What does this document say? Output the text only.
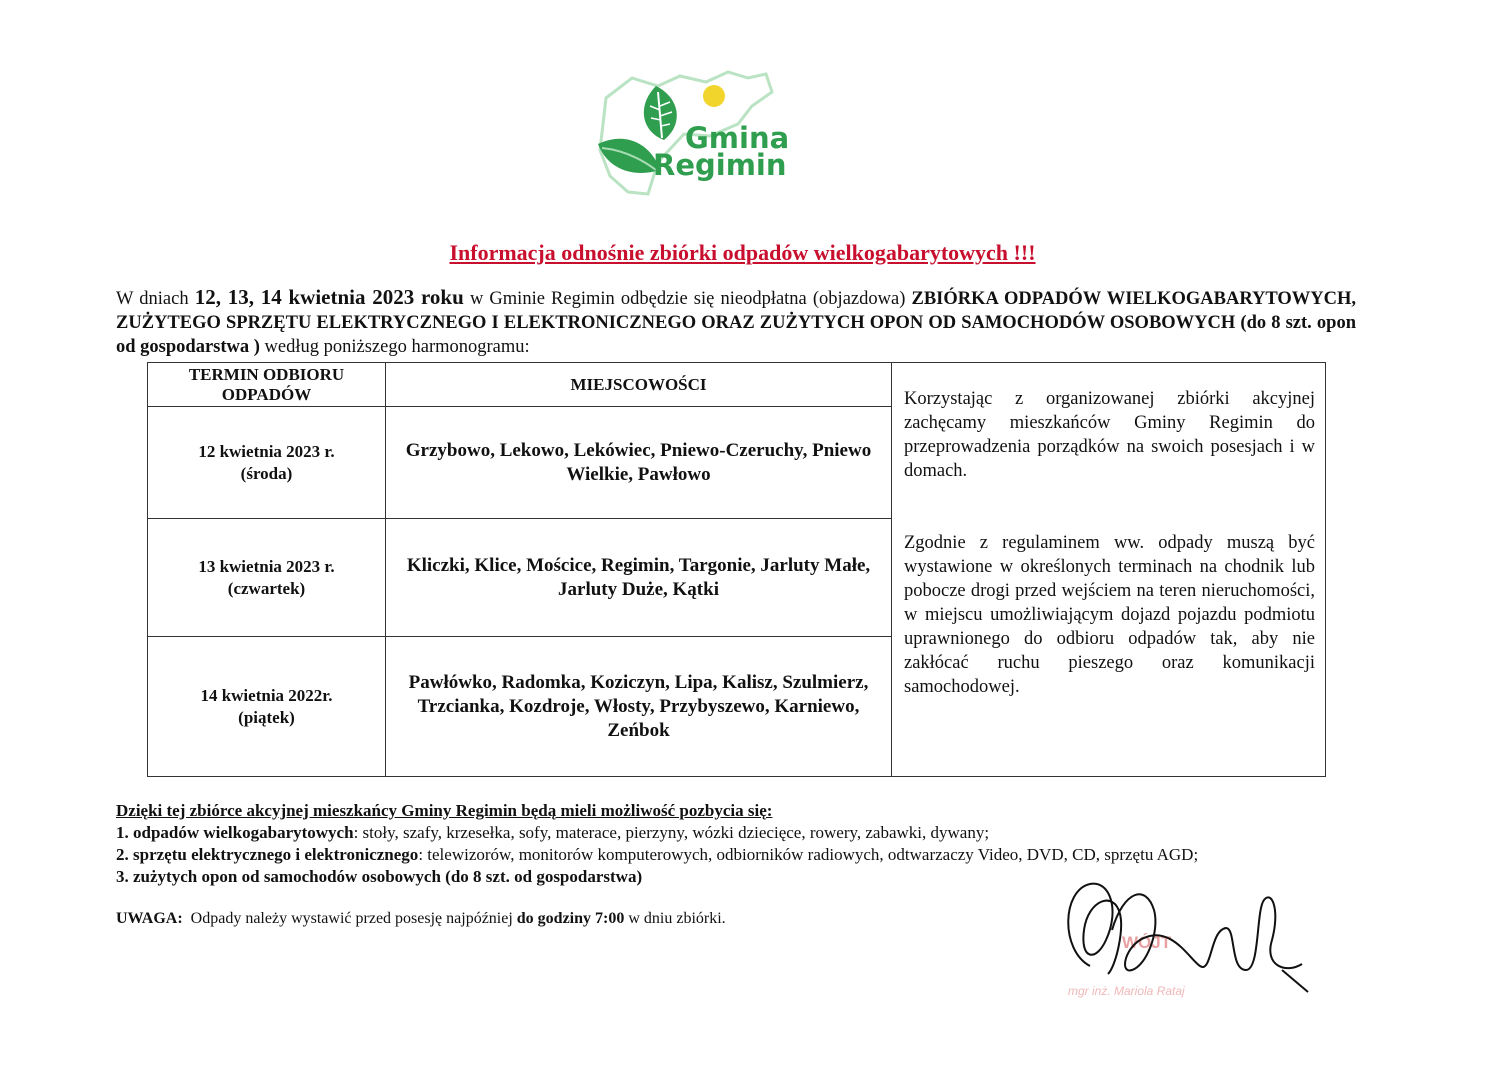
Gmina
Regimin
Informacja odnośnie zbiórki odpadów wielkogabarytowych !!!
W dniach 12, 13, 14 kwietnia 2023 roku w Gminie Regimin odbędzie się nieodpłatna (objazdowa) ZBIÓRKA ODPADÓW WIELKOGABARYTOWYCH, ZUŻYTEGO SPRZĘTU ELEKTRYCZNEGO I ELEKTRONICZNEGO ORAZ ZUŻYTYCH OPON OD SAMOCHODÓW OSOBOWYCH (do 8 szt. opon od gospodarstwa ) według poniższego harmonogramu:
TERMIN ODBIORU ODPADÓW	MIEJSCOWOŚCI	Korzystając z organizowanej zbiórki akcyjnej zachęcamy mieszkańców Gminy Regimin do przeprowadzenia porządków na swoich posesjach i w domach.

Zgodnie z regulaminem ww. odpady muszą być wystawione w określonych terminach na chodnik lub pobocze drogi przed wejściem na teren nieruchomości, w miejscu umożliwiającym dojazd pojazdu podmiotu uprawnionego do odbioru odpadów tak, aby nie zakłócać ruchu pieszego oraz komunikacji samochodowej.

12 kwietnia 2023 r.
(środa)	Grzybowo, Lekowo, Lekówiec, Pniewo-Czeruchy, Pniewo Wielkie, Pawłowo	

13 kwietnia 2023 r.
(czwartek)	Kliczki, Klice, Mościce, Regimin, Targonie, Jarluty Małe, Jarluty Duże, Kątki	

14 kwietnia 2022r.
(piątek)	Pawłówko, Radomka, Koziczyn, Lipa, Kalisz, Szulmierz, Trzcianka, Kozdroje, Włosty, Przybyszewo, Karniewo, Zeńbok	
Dzięki tej zbiórce akcyjnej mieszkańcy Gminy Regimin będą mieli możliwość pozbycia się:
1. odpadów wielkogabarytowych: stoły, szafy, krzesełka, sofy, materace, pierzyny, wózki dziecięce, rowery, zabawki, dywany;
2. sprzętu elektrycznego i elektronicznego: telewizorów, monitorów komputerowych, odbiorników radiowych, odtwarzaczy Video, DVD, CD, sprzętu AGD;
3. zużytych opon od samochodów osobowych (do 8 szt. od gospodarstwa)
UWAGA: Odpady należy wystawić przed posesję najpóźniej do godziny 7:00 w dniu zbiórki.
WÓJT
mgr inż. Mariola Rataj
